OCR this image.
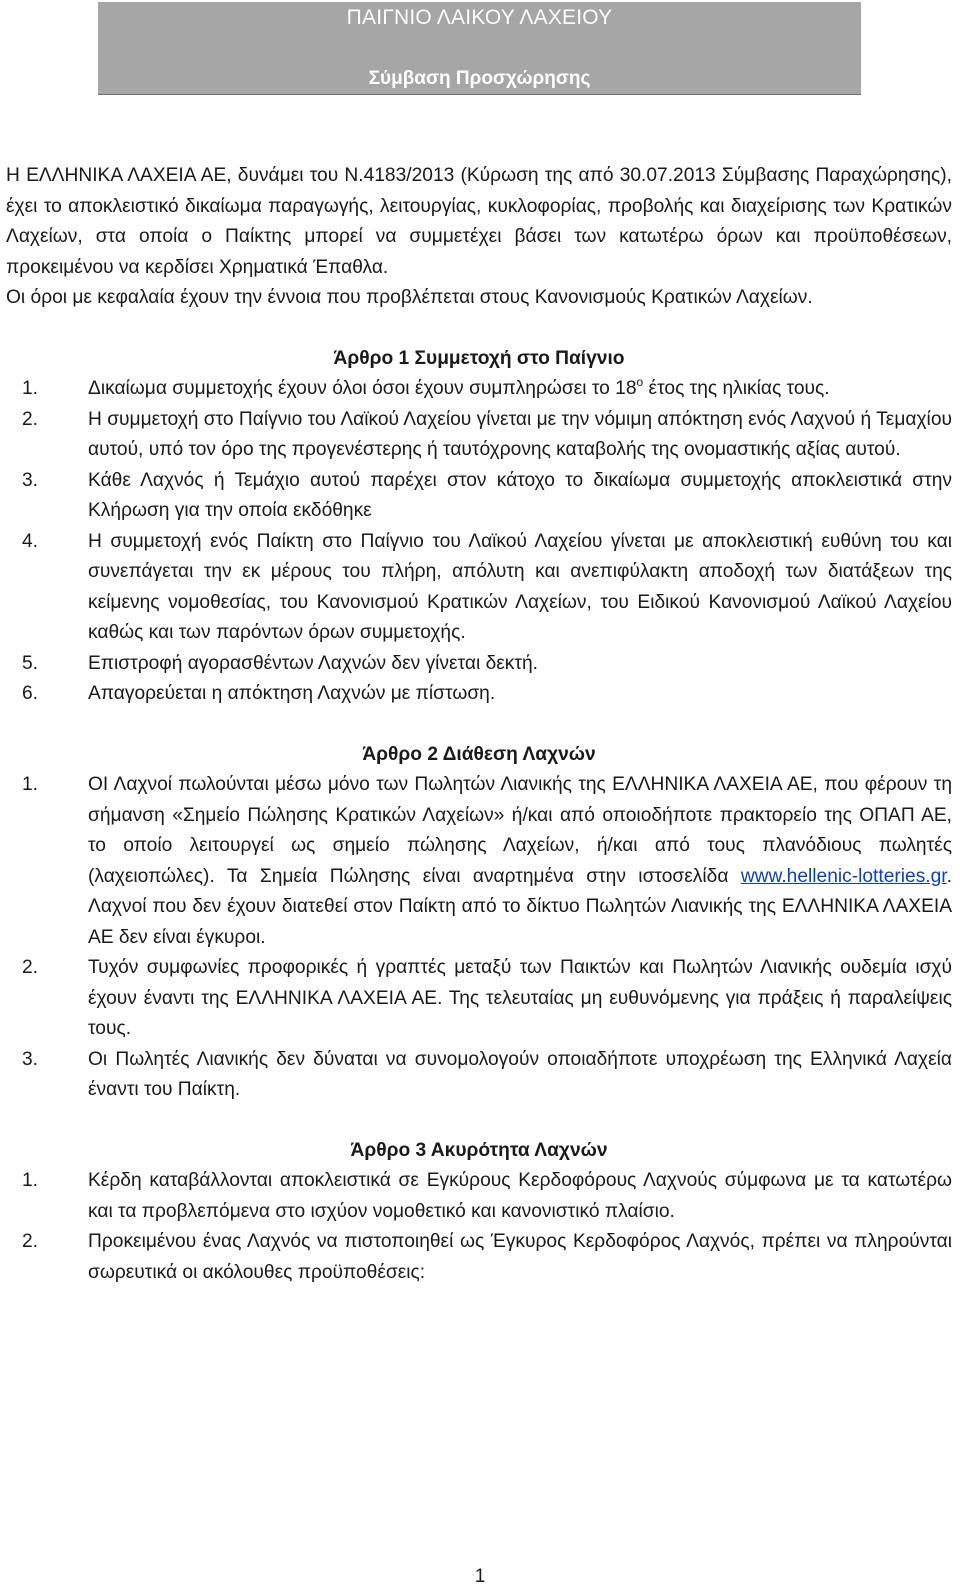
ΠΑΙΓΝΙΟ ΛΑΙΚΟΥ ΛΑΧΕΙΟΥ
Σύμβαση Προσχώρησης

Η ΕΛΛΗΝΙΚΑ ΛΑΧΕΙΑ ΑΕ, δυνάμει του Ν.4183/2013 (Κύρωση της από 30.07.2013 Σύμβασης Παραχώρησης), έχει το αποκλειστικό δικαίωμα παραγωγής, λειτουργίας, κυκλοφορίας, προβολής και διαχείρισης των Κρατικών Λαχείων, στα οποία ο Παίκτης μπορεί να συμμετέχει βάσει των κατωτέρω όρων και προϋποθέσεων, προκειμένου να κερδίσει Χρηματικά Έπαθλα.

Οι όροι με κεφαλαία έχουν την έννοια που προβλέπεται στους Κανονισμούς Κρατικών Λαχείων.

Άρθρο 1 Συμμετοχή στο Παίγνιο

1.	Δικαίωμα συμμετοχής έχουν όλοι όσοι έχουν συμπληρώσει το $18^o$ έτος της ηλικίας τους.
2.	Η συμμετοχή στο Παίγνιο του Λαϊκού Λαχείου γίνεται με την νόμιμη απόκτηση ενός Λαχνού ή Τεμαχίου αυτού, υπό τον όρο της προγενέστερης ή ταυτόχρονης καταβολής της ονομαστικής αξίας αυτού.
3.	Κάθε Λαχνός ή Τεμάχιο αυτού παρέχει στον κάτοχο το δικαίωμα συμμετοχής αποκλειστικά στην Κλήρωση για την οποία εκδόθηκε
4.	Η συμμετοχή ενός Παίκτη στο Παίγνιο του Λαϊκού Λαχείου γίνεται με αποκλειστική ευθύνη του και συνεπάγεται την εκ μέρους του πλήρη, απόλυτη και ανεπιφύλακτη αποδοχή των διατάξεων της κείμενης νομοθεσίας, του Κανονισμού Κρατικών Λαχείων, του Ειδικού Κανονισμού Λαϊκού Λαχείου καθώς και των παρόντων όρων συμμετοχής.
5.	Επιστροφή αγορασθέντων Λαχνών δεν γίνεται δεκτή.
6.	Απαγορεύεται η απόκτηση Λαχνών με πίστωση.

Άρθρο 2 Διάθεση Λαχνών

1.	ΟΙ Λαχνοί πωλούνται μέσω μόνο των Πωλητών Λιανικής της ΕΛΛΗΝΙΚΑ ΛΑΧΕΙΑ ΑΕ, που φέρουν τη σήμανση «Σημείο Πώλησης Κρατικών Λαχείων» ή/και από οποιοδήποτε πρακτορείο της ΟΠΑΠ ΑΕ, το οποίο λειτουργεί ως σημείο πώλησης Λαχείων, ή/και από τους πλανόδιους πωλητές (λαχειοπώλες). Τα Σημεία Πώλησης είναι αναρτημένα στην ιστοσελίδα www.hellenic-lotteries.gr. Λαχνοί που δεν έχουν διατεθεί στον Παίκτη από το δίκτυο Πωλητών Λιανικής της ΕΛΛΗΝΙΚΑ ΛΑΧΕΙΑ ΑΕ δεν είναι έγκυροι.
2.	Τυχόν συμφωνίες προφορικές ή γραπτές μεταξύ των Παικτών και Πωλητών Λιανικής ουδεμία ισχύ έχουν έναντι της ΕΛΛΗΝΙΚΑ ΛΑΧΕΙΑ ΑΕ. Της τελευταίας μη ευθυνόμενης για πράξεις ή παραλείψεις τους.
3.	Οι Πωλητές Λιανικής δεν δύναται να συνομολογούν οποιαδήποτε υποχρέωση της Ελληνικά Λαχεία έναντι του Παίκτη.

Άρθρο 3 Ακυρότητα Λαχνών

1.	Κέρδη καταβάλλονται αποκλειστικά σε Εγκύρους Κερδοφόρους Λαχνούς σύμφωνα με τα κατωτέρω και τα προβλεπόμενα στο ισχύον νομοθετικό και κανονιστικό πλαίσιο.
2.	Προκειμένου ένας Λαχνός να πιστοποιηθεί ως Έγκυρος Κερδοφόρος Λαχνός, πρέπει να πληρούνται σωρευτικά οι ακόλουθες προϋποθέσεις:
1
